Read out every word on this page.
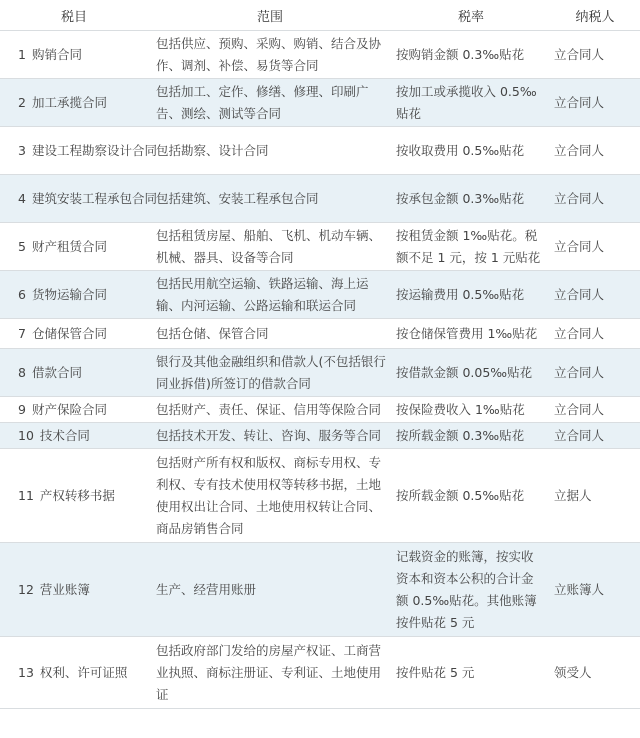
税目	范围	税率	纳税人
1 购销合同	包括供应、预购、采购、购销、结合及协作、调剂、补偿、易货等合同	按购销金额 0.3‰贴花	立合同人
2 加工承揽合同	包括加工、定作、修缮、修理、印刷广告、测绘、测试等合同	按加工或承揽收入 0.5‰贴花	立合同人
3 建设工程勘察设计合同	包括勘察、设计合同	按收取费用 0.5‰贴花	立合同人
4 建筑安装工程承包合同	包括建筑、安装工程承包合同	按承包金额 0.3‰贴花	立合同人
5 财产租赁合同	包括租赁房屋、船舶、飞机、机动车辆、机械、器具、设备等合同	按租赁金额 1‰贴花。税额不足 1 元，按 1 元贴花	立合同人
6 货物运输合同	包括民用航空运输、铁路运输、海上运输、内河运输、公路运输和联运合同	按运输费用 0.5‰贴花	立合同人
7 仓储保管合同	包括仓储、保管合同	按仓储保管费用 1‰贴花	立合同人
8 借款合同	银行及其他金融组织和借款人(不包括银行同业拆借)所签订的借款合同	按借款金额 0.05‰贴花	立合同人
9 财产保险合同	包括财产、责任、保证、信用等保险合同	按保险费收入 1‰贴花	立合同人
10 技术合同	包括技术开发、转让、咨询、服务等合同	按所载金额 0.3‰贴花	立合同人
11 产权转移书据	包括财产所有权和版权、商标专用权、专利权、专有技术使用权等转移书据，土地使用权出让合同、土地使用权转让合同、商品房销售合同	按所载金额 0.5‰贴花	立据人
12 营业账簿	生产、经营用账册	记载资金的账簿，按实收资本和资本公积的合计金额 0.5‰贴花。其他账簿按件贴花 5 元	立账簿人
13 权利、许可证照	包括政府部门发给的房屋产权证、工商营业执照、商标注册证、专利证、土地使用证	按件贴花 5 元	领受人
